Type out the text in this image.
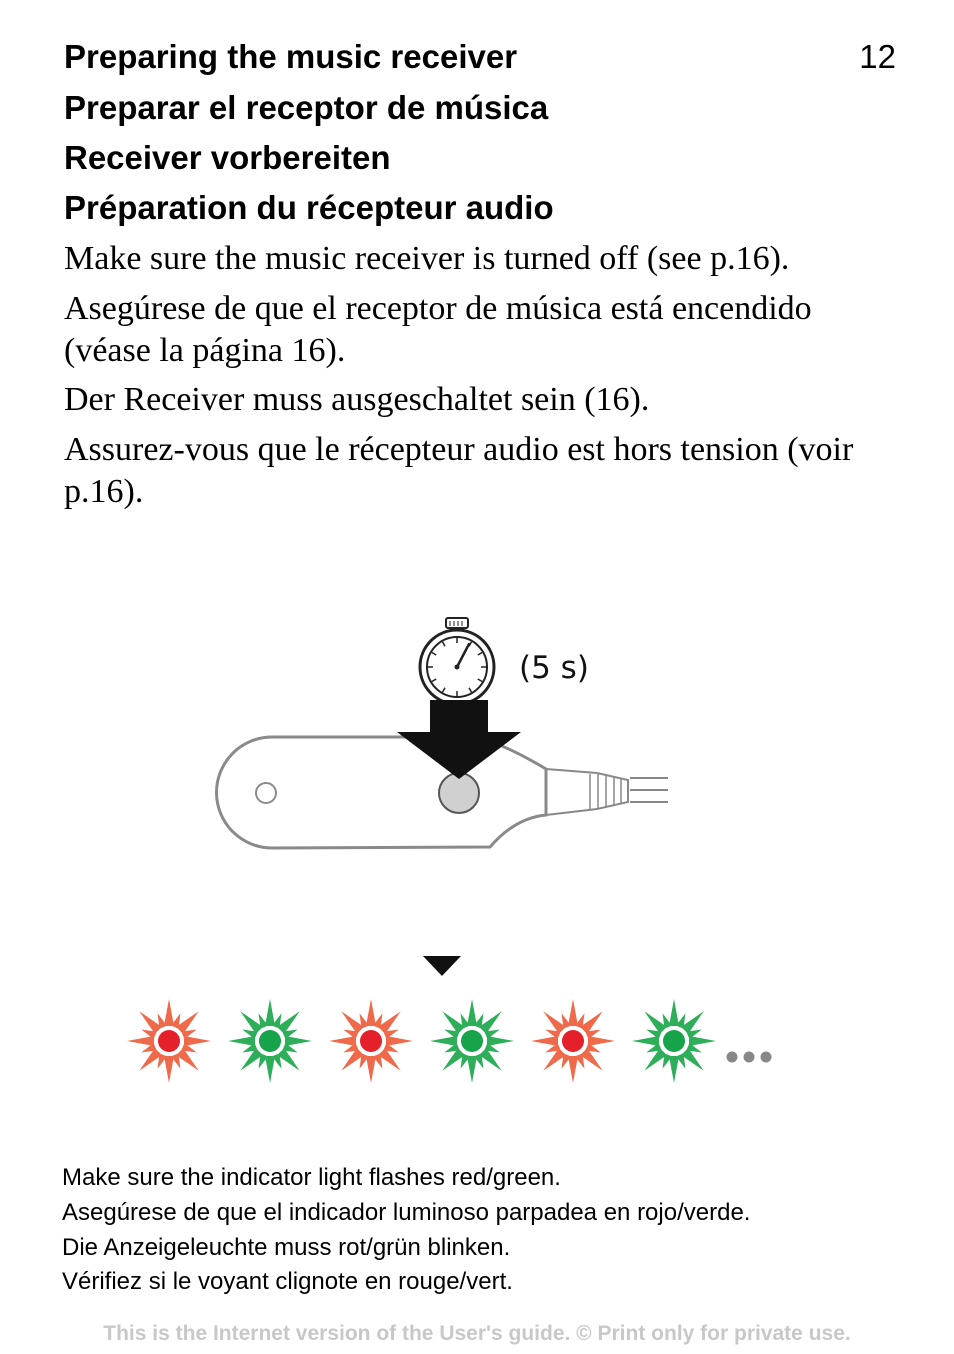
12
Preparing the music receiver
Preparar el receptor de música
Receiver vorbereiten
Préparation du récepteur audio

Make sure the music receiver is turned off (see p.16).

Asegúrese de que el receptor de música está encendido (véase la página 16).

Der Receiver muss ausgeschaltet sein (16).

Assurez-vous que le récepteur audio est hors tension (voir p.16).

(5 s)

Make sure the indicator light flashes red/green.

Asegúrese de que el indicador luminoso parpadea en rojo/verde.

Die Anzeigeleuchte muss rot/grün blinken.

Vérifiez si le voyant clignote en rouge/vert.

This is the Internet version of the User's guide. © Print only for private use.
